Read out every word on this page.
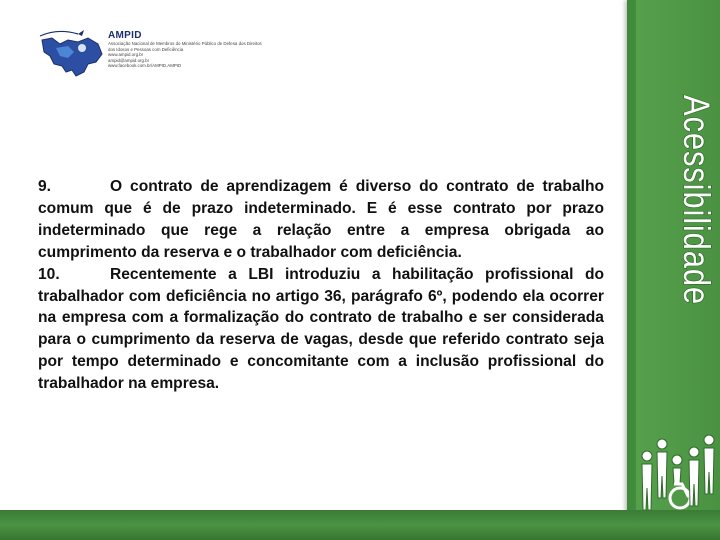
AMPID
Associação Nacional de Membros do Ministério Público de Defesa dos Direitos
dos Idosos e Pessoas com Deficiência
www.ampid.org.br
ampid@ampid.org.br
www.facebook.com.br/AMPID.AMPID

9.	O contrato de aprendizagem é diverso do contrato de trabalho comum que é de prazo indeterminado. E é esse contrato por prazo indeterminado que rege a relação entre a empresa obrigada ao cumprimento da reserva e o trabalhador com deficiência.

10.	Recentemente a LBI introduziu a habilitação profissional do trabalhador com deficiência no artigo 36, parágrafo 6º, podendo ela ocorrer na empresa com a formalização do contrato de trabalho e ser considerada para o cumprimento da reserva de vagas, desde que referido contrato seja por tempo determinado e concomitante com a inclusão profissional do trabalhador na empresa.

Acessibilidade
